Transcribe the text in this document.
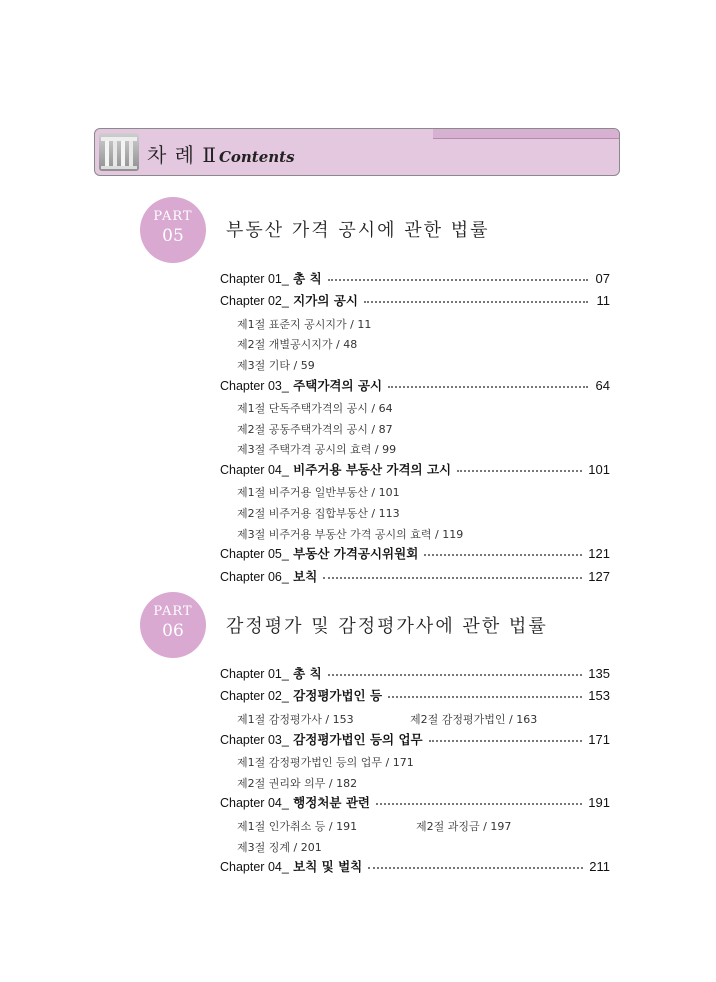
차 례 Ⅱ Contents
PART
05	부동산 가격 공시에 관한 법률
Chapter 01_ 총 칙	07
Chapter 02_ 지가의 공시	11
제1절 표준지 공시지가 / 11
제2절 개별공시지가 / 48
제3절 기타 / 59
Chapter 03_ 주택가격의 공시	64
제1절 단독주택가격의 공시 / 64
제2절 공동주택가격의 공시 / 87
제3절 주택가격 공시의 효력 / 99
Chapter 04_ 비주거용 부동산 가격의 고시	101
제1절 비주거용 일반부동산 / 101
제2절 비주거용 집합부동산 / 113
제3절 비주거용 부동산 가격 공시의 효력 / 119
Chapter 05_ 부동산 가격공시위원회	121
Chapter 06_ 보칙	127
PART
06	감정평가 및 감정평가사에 관한 법률
Chapter 01_ 총 칙	135
Chapter 02_ 감정평가법인 등	153
제1절 감정평가사 / 153	제2절 감정평가법인 / 163
Chapter 03_ 감정평가법인 등의 업무	171
제1절 감정평가법인 등의 업무 / 171
제2절 권리와 의무 / 182
Chapter 04_ 행정처분 관련	191
제1절 인가취소 등 / 191	제2절 과징금 / 197
제3절 징계 / 201
Chapter 04_ 보칙 및 벌칙	211
